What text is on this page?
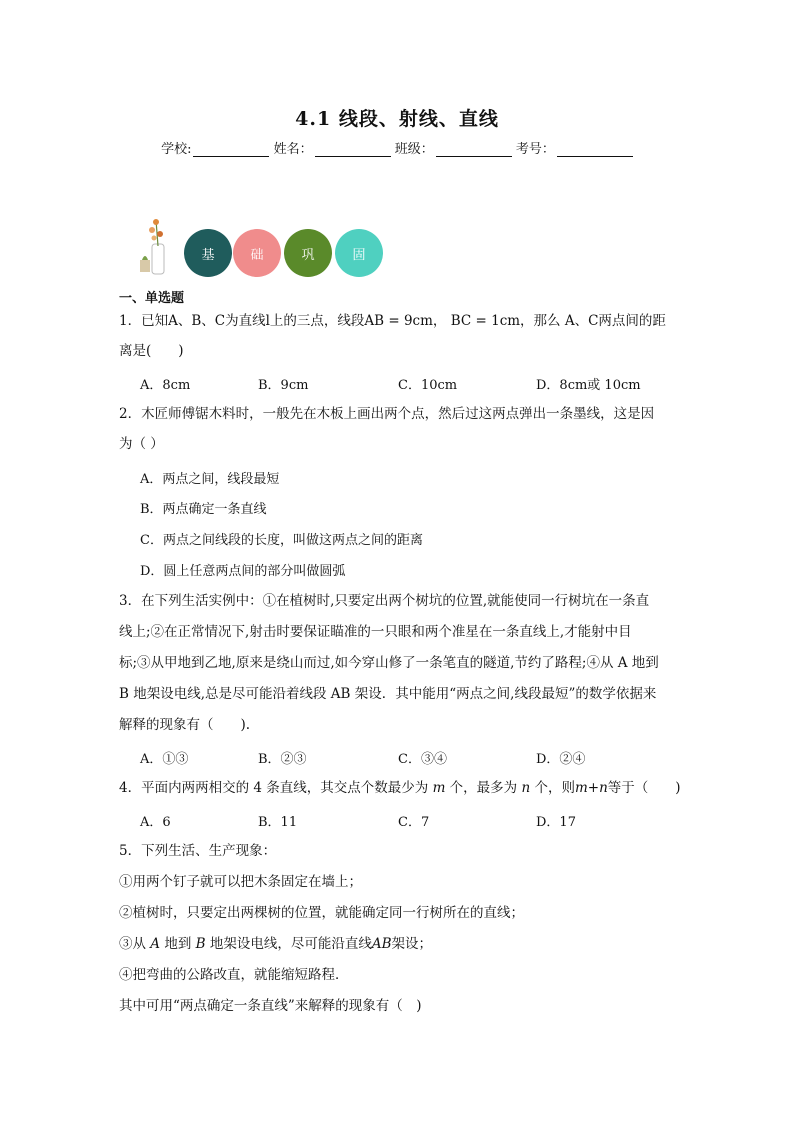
4.1 线段、射线、直线
学校:	姓名：	班级：	考号：
基	础	巩	固
一、单选题
1．已知A、B、C为直线l上的三点，线段AB = 9cm， BC = 1cm，那么 A、C两点间的距
离是(　　)
A．8cm	B．9cm	C．10cm	D．8cm或 10cm
2．木匠师傅锯木料时，一般先在木板上画出两个点，然后过这两点弹出一条墨线，这是因
为（ ）
A．两点之间，线段最短
B．两点确定一条直线
C．两点之间线段的长度，叫做这两点之间的距离
D．圆上任意两点间的部分叫做圆弧
3．在下列生活实例中：①在植树时,只要定出两个树坑的位置,就能使同一行树坑在一条直
线上;②在正常情况下,射击时要保证瞄准的一只眼和两个准星在一条直线上,才能射中目
标;③从甲地到乙地,原来是绕山而过,如今穿山修了一条笔直的隧道,节约了路程;④从 A 地到
B 地架设电线,总是尽可能沿着线段 AB 架设．其中能用“两点之间,线段最短”的数学依据来
解释的现象有（　　).
A．①③	B．②③	C．③④	D．②④
4．平面内两两相交的 4 条直线，其交点个数最少为 m 个，最多为 n 个，则m+n等于（　　)
A．6	B．11	C．7	D．17
5．下列生活、生产现象：
①用两个钉子就可以把木条固定在墙上；
②植树时，只要定出两棵树的位置，就能确定同一行树所在的直线；
③从 A 地到 B 地架设电线，尽可能沿直线AB架设；
④把弯曲的公路改直，就能缩短路程．
其中可用“两点确定一条直线”来解释的现象有（　)
